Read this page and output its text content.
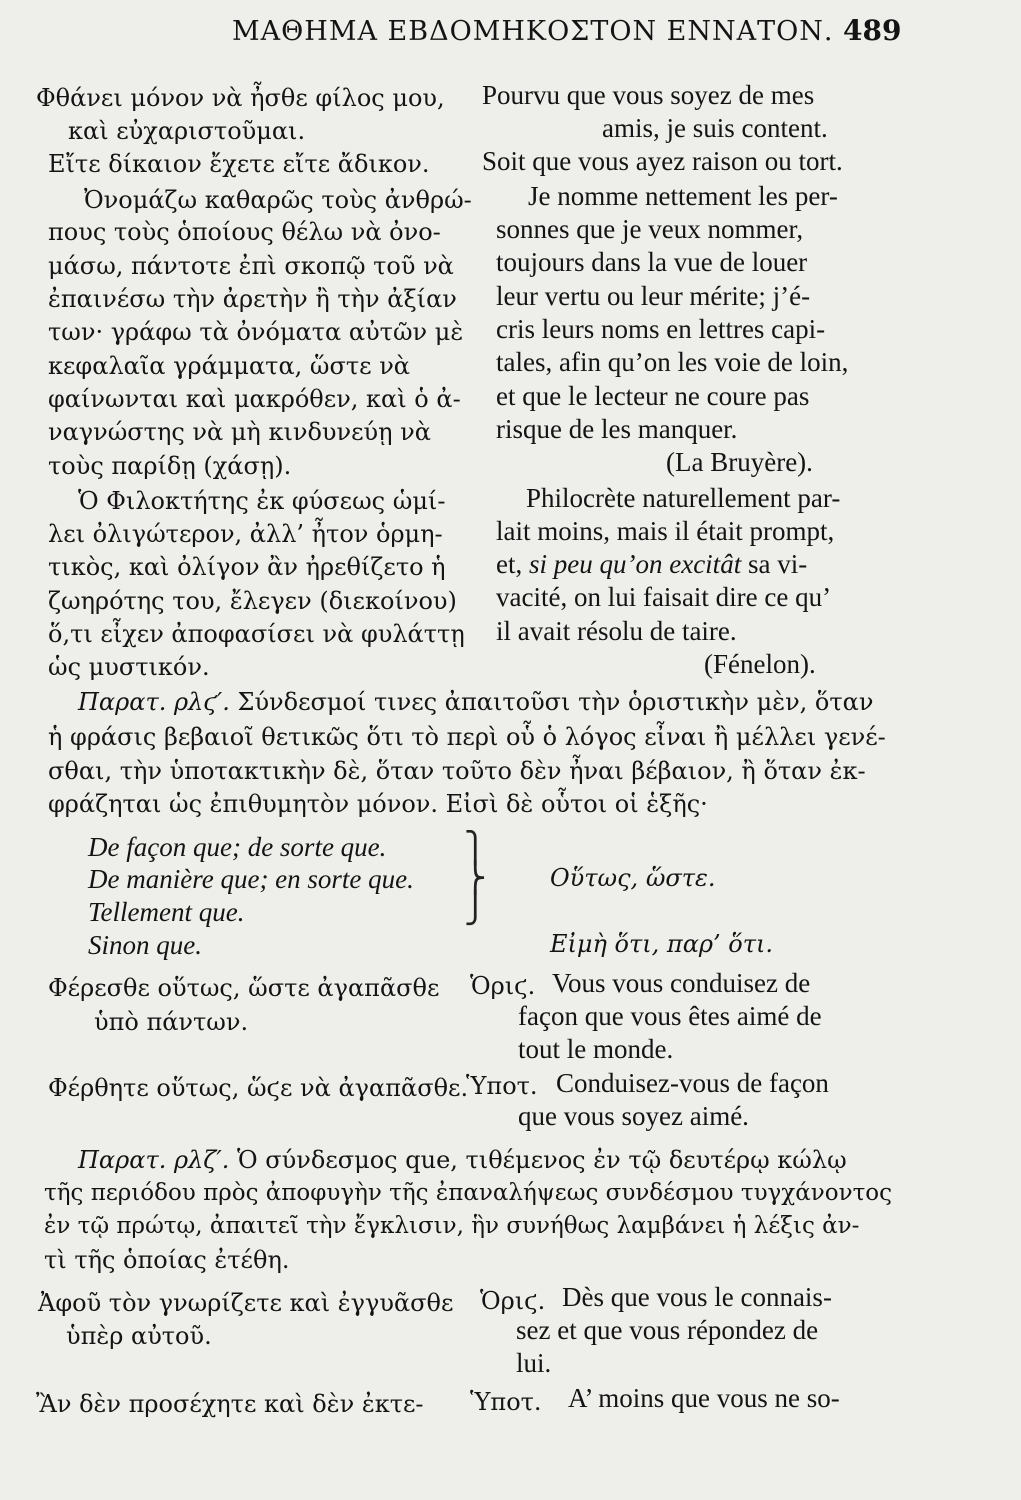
ΜΑΘΗΜΑ ΕΒΔΟΜΗΚΟΣΤΟΝ ΕΝΝΑΤΟΝ. 489
Φθάνει μόνον νὰ ἦσθε φίλος μου,
καὶ εὐχαριστοῦμαι.
Εἴτε δίκαιον ἔχετε εἴτε ἄδικον.
Ὀνομάζω καθαρῶς τοὺς ἀνθρώ-
πους τοὺς ὁποίους θέλω νὰ ὀνο-
μάσω, πάντοτε ἐπὶ σκοπῷ τοῦ νὰ
ἐπαινέσω τὴν ἀρετὴν ἢ τὴν ἀξίαν
των· γράφω τὰ ὀνόματα αὐτῶν μὲ
κεφαλαῖα γράμματα, ὥστε νὰ
φαίνωνται καὶ μακρόθεν, καὶ ὁ ἀ-
ναγνώστης νὰ μὴ κινδυνεύῃ νὰ
τοὺς παρίδῃ (χάσῃ).
Ὁ Φιλοκτήτης ἐκ φύσεως ὡμί-
λει ὀλιγώτερον, ἀλλ’ ἦτον ὁρμη-
τικὸς, καὶ ὀλίγον ἂν ἠρεθίζετο ἡ
ζωηρότης του, ἔλεγεν (διεκοίνου)
ὅ,τι εἶχεν ἀποφασίσει νὰ φυλάττῃ
ὡς μυστικόν.
Pourvu que vous soyez de mes
amis, je suis content.
Soit que vous ayez raison ou tort.
Je nomme nettement les per-
sonnes que je veux nommer,
toujours dans la vue de louer
leur vertu ou leur mérite; j’é-
cris leurs noms en lettres capi-
tales, afin qu’on les voie de loin,
et que le lecteur ne coure pas
risque de les manquer.
(La Bruyère).
Philocrète naturellement par-
lait moins, mais il était prompt,
et, si peu qu’on excitât sa vi-
vacité, on lui faisait dire ce qu’
il avait résolu de taire.
(Fénelon).
Παρατ. ρλϛ′. Σύνδεσμοί τινες ἀπαιτοῦσι τὴν ὁριστικὴν μὲν, ὅταν
ἡ φράσις βεβαιοῖ θετικῶς ὅτι τὸ περὶ οὗ ὁ λόγος εἶναι ἢ μέλλει γενέ-
σθαι, τὴν ὑποτακτικὴν δὲ, ὅταν τοῦτο δὲν ἦναι βέβαιον, ἢ ὅταν ἐκ-
φράζηται ὡς ἐπιθυμητὸν μόνον. Εἰσὶ δὲ οὗτοι οἱ ἑξῆς·
De façon que; de sorte que.
De manière que; en sorte que.
Tellement que.
Sinon que.
⎫
⎬
⎭
Οὕτως, ὥστε.
Εἰμὴ ὅτι, παρ’ ὅτι.
Φέρεσθε οὕτως, ὥστε ἀγαπᾶσθε
ὑπὸ πάντων.
Ὁριϛ. Vous vous conduisez de
façon que vous êtes aimé de
tout le monde.
Φέρθητε οὕτως, ὥϛε νὰ ἀγαπᾶσθε.
Ὑποτ. Conduisez-vous de façon
que vous soyez aimé.
Παρατ. ρλζ′. Ὁ σύνδεσμος que, τιθέμενος ἐν τῷ δευτέρῳ κώλῳ
τῆς περιόδου πρὸς ἀποφυγὴν τῆς ἐπαναλήψεως συνδέσμου τυγχάνοντος
ἐν τῷ πρώτῳ, ἀπαιτεῖ τὴν ἔγκλισιν, ἣν συνήθως λαμβάνει ἡ λέξις ἀν-
τὶ τῆς ὁποίας ἐτέθη.
Ἀφοῦ τὸν γνωρίζετε καὶ ἐγγυᾶσθε
ὑπὲρ αὐτοῦ.
Ὁριϛ. Dès que vous le connais-
sez et que vous répondez de
lui.
Ἂν δὲν προσέχητε καὶ δὲν ἐκτε- Ὑποτ. A’ moins que vous ne so-
